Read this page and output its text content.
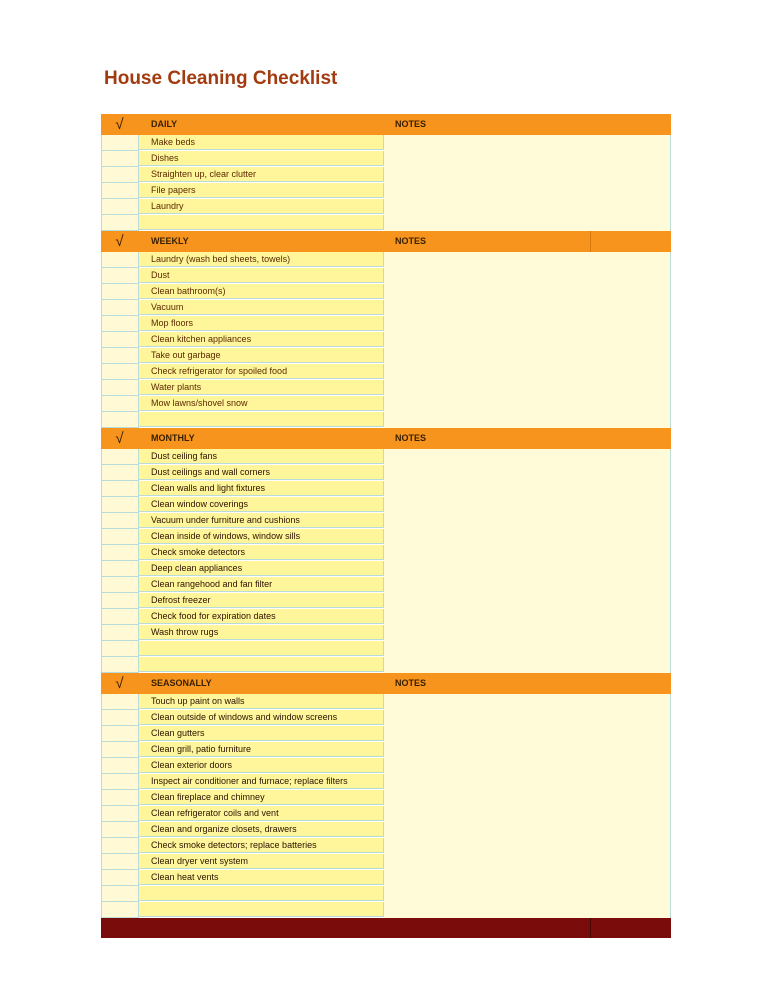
House Cleaning Checklist
√	DAILY	NOTES
Make beds
Dishes
Straighten up, clear clutter
File papers
Laundry
√	WEEKLY	NOTES
Laundry (wash bed sheets, towels)
Dust
Clean bathroom(s)
Vacuum
Mop floors
Clean kitchen appliances
Take out garbage
Check refrigerator for spoiled food
Water plants
Mow lawns/shovel snow
√	MONTHLY	NOTES
Dust ceiling fans
Dust ceilings and wall corners
Clean walls and light fixtures
Clean window coverings
Vacuum under furniture and cushions
Clean inside of windows, window sills
Check smoke detectors
Deep clean appliances
Clean rangehood and fan filter
Defrost freezer
Check food for expiration dates
Wash throw rugs
√	SEASONALLY	NOTES
Touch up paint on walls
Clean outside of windows and window screens
Clean gutters
Clean grill, patio furniture
Clean exterior doors
Inspect air conditioner and furnace; replace filters
Clean fireplace and chimney
Clean refrigerator coils and vent
Clean and organize closets, drawers
Check smoke detectors; replace batteries
Clean dryer vent system
Clean heat vents
